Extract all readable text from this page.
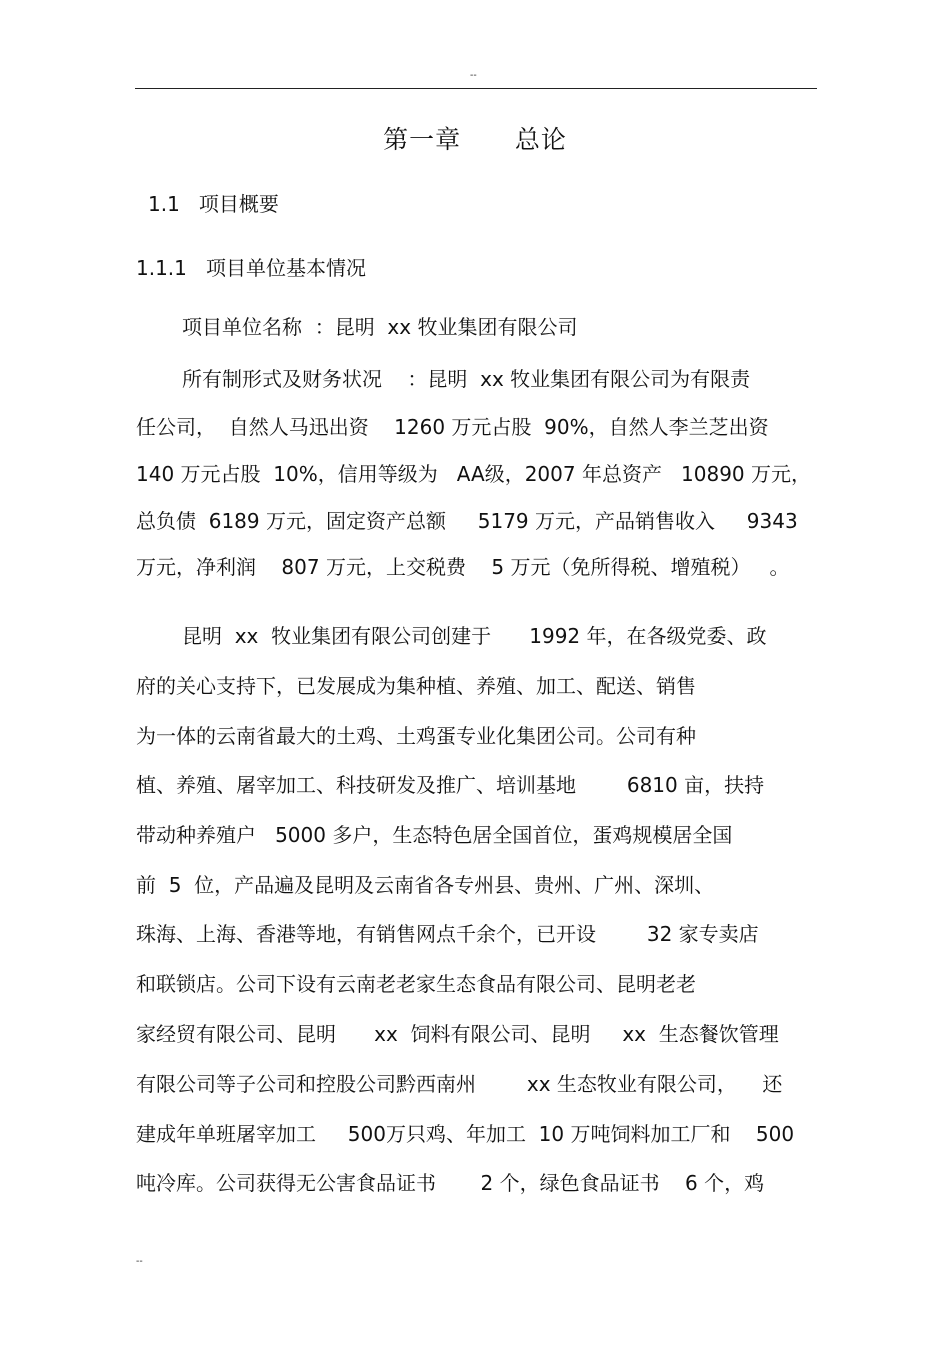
--
第一章      总论
1.1   项目概要
1.1.1   项目单位基本情况
项目单位名称  ：昆明  xx 牧业集团有限公司
所有制形式及财务状况    ：昆明  xx 牧业集团有限公司为有限责
任公司，  自然人马迅出资    1260 万元占股  90%，自然人李兰芝出资
140 万元占股  10%，信用等级为   AA级，2007 年总资产   10890 万元，
总负债  6189 万元，固定资产总额     5179 万元，产品销售收入     9343
万元，净利润    807 万元，上交税费    5 万元（免所得税、增殖税）   。
昆明  xx  牧业集团有限公司创建于      1992 年，在各级党委、政
府的关心支持下，已发展成为集种植、养殖、加工、配送、销售
为一体的云南省最大的土鸡、土鸡蛋专业化集团公司。公司有种
植、养殖、屠宰加工、科技研发及推广、培训基地        6810 亩，扶持
带动种养殖户   5000 多户，生态特色居全国首位，蛋鸡规模居全国
前  5  位，产品遍及昆明及云南省各专州县、贵州、广州、深圳、
珠海、上海、香港等地，有销售网点千余个，已开设        32 家专卖店
和联锁店。公司下设有云南老老家生态食品有限公司、昆明老老
家经贸有限公司、昆明      xx  饲料有限公司、昆明     xx  生态餐饮管理
有限公司等子公司和控股公司黔西南州        xx 生态牧业有限公司，    还
建成年单班屠宰加工     500万只鸡、年加工  10 万吨饲料加工厂和    500
吨冷库。公司获得无公害食品证书       2 个，绿色食品证书    6 个，鸡
--
